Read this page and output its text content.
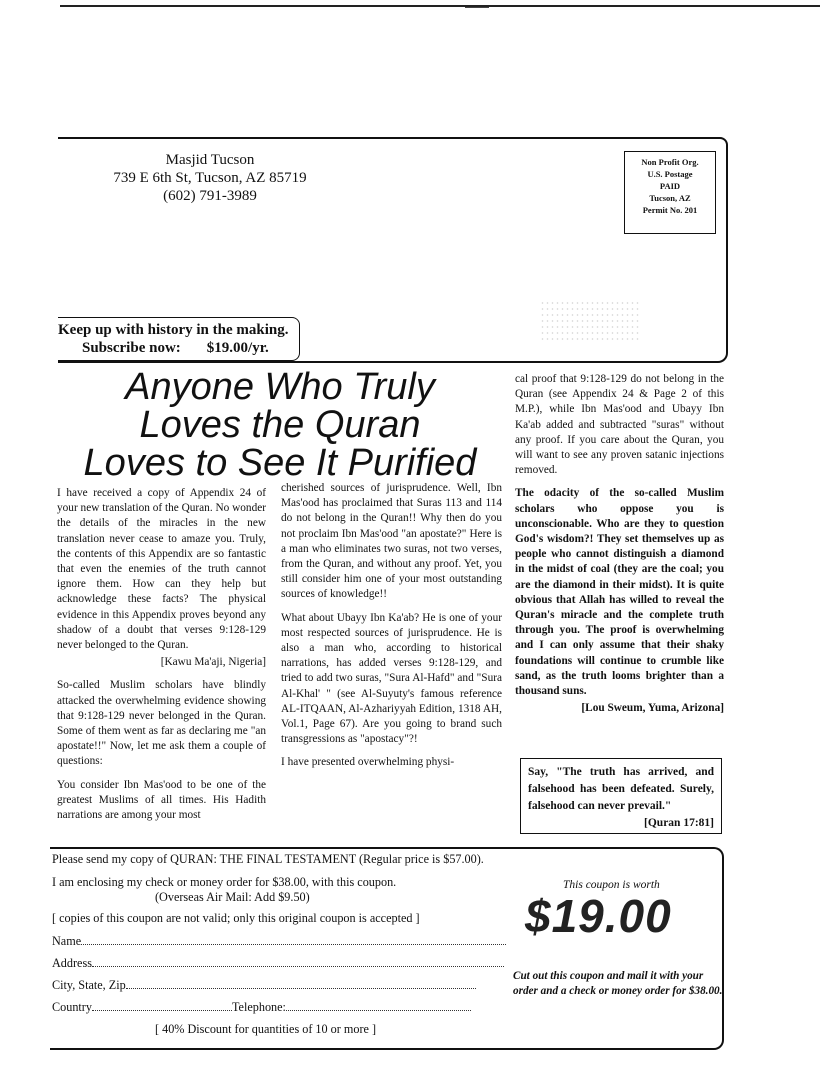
Masjid Tucson
739 E 6th St, Tucson, AZ 85719
(602) 791-3989
Non Profit Org.
U.S. Postage
PAID
Tucson, AZ
Permit No. 201
Keep up with history in the making.
Subscribe now: $19.00/yr.
Anyone Who Truly
Loves the Quran
Loves to See It Purified

I have received a copy of Appendix 24 of your new translation of the Quran. No wonder the details of the miracles in the new translation never cease to amaze you. Truly, the contents of this Appendix are so fantastic that even the enemies of the truth cannot ignore them. How can they help but acknowledge these facts? The physical evidence in this Appendix proves beyond any shadow of a doubt that verses 9:128-129 never belonged to the Quran.

[Kawu Ma'aji, Nigeria]

So-called Muslim scholars have blindly attacked the overwhelming evidence showing that 9:128-129 never belonged in the Quran. Some of them went as far as declaring me "an apostate!!" Now, let me ask them a couple of questions:

You consider Ibn Mas'ood to be one of the greatest Muslims of all times. His Hadith narrations are among your most

cherished sources of jurisprudence. Well, Ibn Mas'ood has proclaimed that Suras 113 and 114 do not belong in the Quran!! Why then do you not proclaim Ibn Mas'ood "an apostate?" Here is a man who eliminates two suras, not two verses, from the Quran, and without any proof. Yet, you still consider him one of your most outstanding sources of knowledge!!

What about Ubayy Ibn Ka'ab? He is one of your most respected sources of jurisprudence. He is also a man who, according to historical narrations, has added verses 9:128-129, and tried to add two suras, "Sura Al-Hafd" and "Sura Al-Khal' " (see Al-Suyuty's famous reference AL-ITQAAN, Al-Azhariyyah Edition, 1318 AH, Vol.1, Page 67). Are you going to brand such transgressions as "apostacy"?!

I have presented overwhelming physi-

cal proof that 9:128-129 do not belong in the Quran (see Appendix 24 & Page 2 of this M.P.), while Ibn Mas'ood and Ubayy Ibn Ka'ab added and subtracted "suras" without any proof. If you care about the Quran, you will want to see any proven satanic injections removed.

The odacity of the so-called Muslim scholars who oppose you is unconscionable. Who are they to question God's wisdom?! They set themselves up as people who cannot distinguish a diamond in the midst of coal (they are the coal; you are the diamond in their midst). It is quite obvious that Allah has willed to reveal the Quran's miracle and the complete truth through you. The proof is overwhelming and I can only assume that their shaky foundations will continue to crumble like sand, as the truth looms brighter than a thousand suns.

[Lou Sweum, Yuma, Arizona]
Say, "The truth has arrived, and falsehood has been defeated. Surely, falsehood can never prevail."
[Quran 17:81]
Please send my copy of QURAN: THE FINAL TESTAMENT (Regular price is $57.00).
I am enclosing my check or money order for $38.00, with this coupon.
(Overseas Air Mail: Add $9.50)
[ copies of this coupon are not valid; only this original coupon is accepted ]
Name
Address
City, State, Zip
Country	Telephone:
[ 40% Discount for quantities of 10 or more ]
This coupon is worth
$19.00
Cut out this coupon and mail it with your order and a check or money order for $38.00.
